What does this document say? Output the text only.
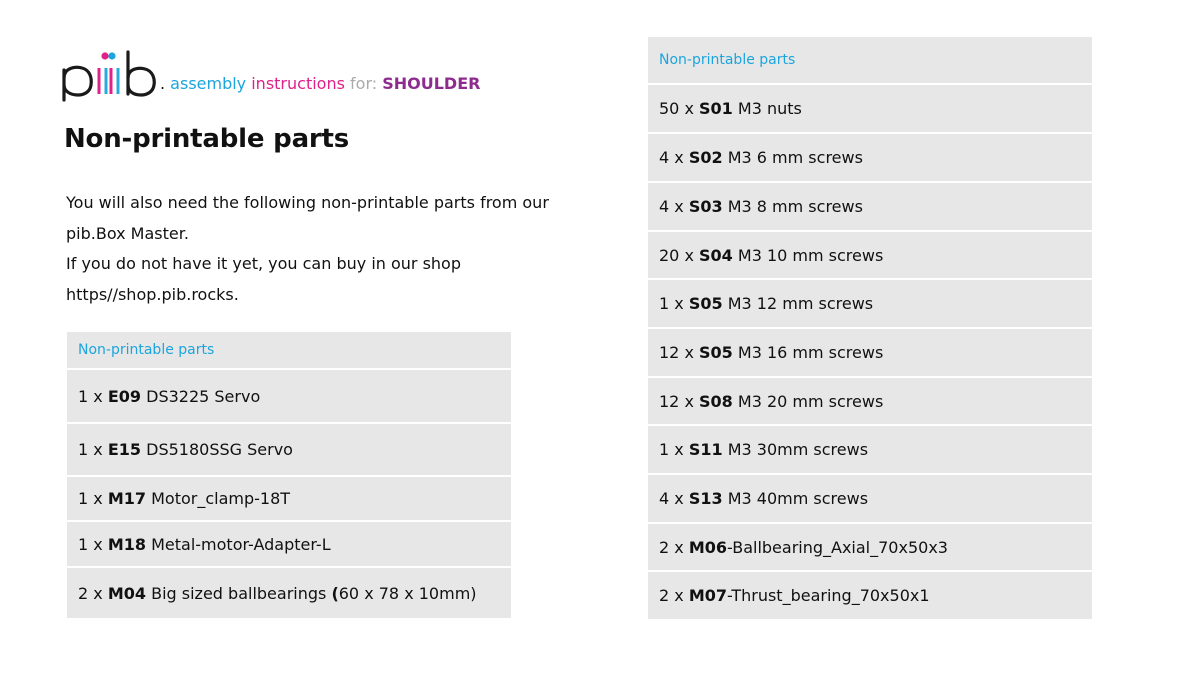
. assembly instructions for: SHOULDER
Non-printable parts
You will also need the following non-printable parts from our
pib.Box Master.
If you do not have it yet, you can buy in our shop
https//shop.pib.rocks.
Non-printable parts
1 x E09 DS3225 Servo
1 x E15 DS5180SSG Servo
1 x M17 Motor_clamp-18T
1 x M18 Metal-motor-Adapter-L
2 x M04 Big sized ballbearings (60 x 78 x 10mm)
Non-printable parts
50 x S01 M3 nuts
4 x S02 M3 6 mm screws
4 x S03 M3 8 mm screws
20 x S04 M3 10 mm screws
1 x S05 M3 12 mm screws
12 x S05 M3 16 mm screws
12 x S08 M3 20 mm screws
1 x S11 M3 30mm screws
4 x S13 M3 40mm screws
2 x M06-Ballbearing_Axial_70x50x3
2 x M07-Thrust_bearing_70x50x1
